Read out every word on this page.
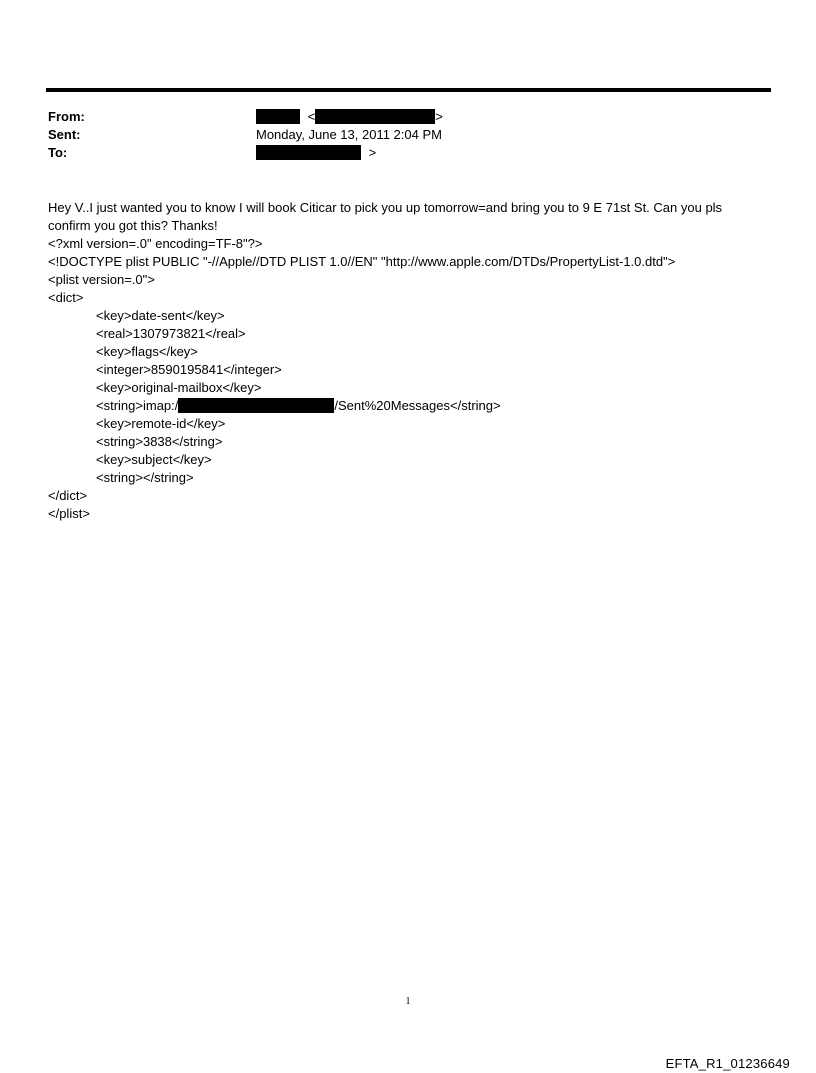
From:
Sent:
To:
<	>
Monday, June 13, 2011 2:04 PM
>
Hey V..I just wanted you to know I will book Citicar to pick you up tomorrow=and bring you to 9 E 71st St. Can you pls confirm you got this? Thanks!
<?xml version=.0" encoding=TF-8"?>
<!DOCTYPE plist PUBLIC "-//Apple//DTD PLIST 1.0//EN" "http://www.apple.com/DTDs/PropertyList-1.0.dtd">
<plist version=.0">
<dict>
<key>date-sent</key>
<real>1307973821</real>
<key>flags</key>
<integer>8590195841</integer>
<key>original-mailbox</key>
<string>imap:/	/Sent%20Messages</string>
<key>remote-id</key>
<string>3838</string>
<key>subject</key>
<string></string>
</dict>
</plist>
1
EFTA_R1_01236649
